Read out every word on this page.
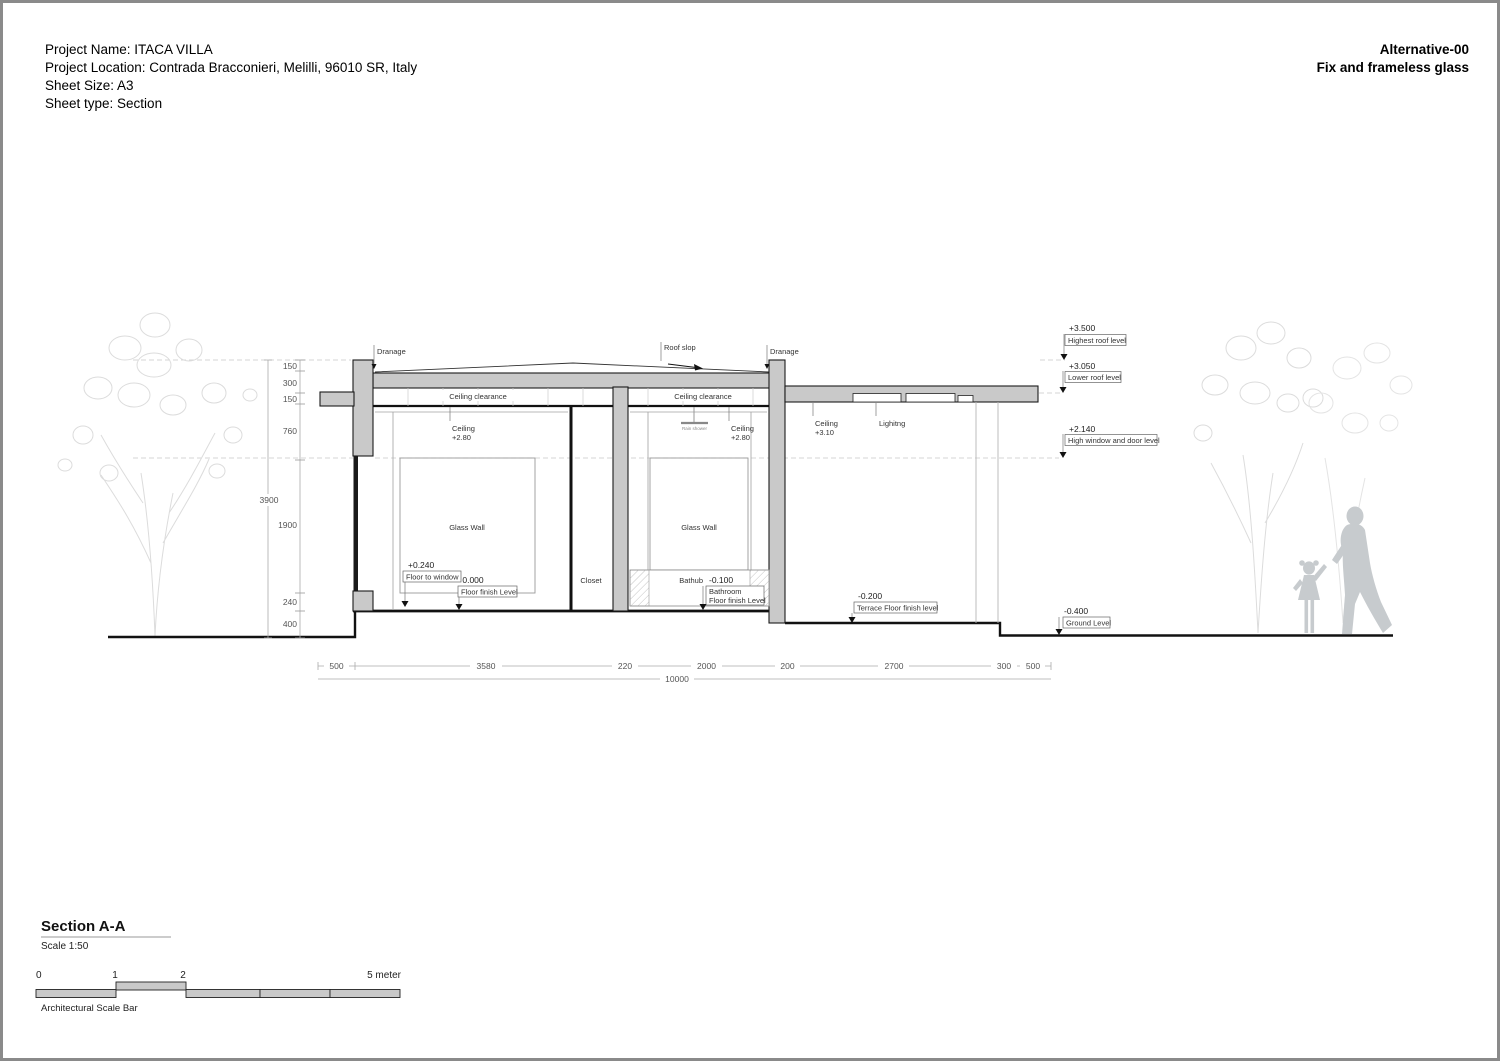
Project Name: ITACA VILLA
Project Location: Contrada Bracconieri, Melilli, 96010 SR, Italy
Sheet Size: A3
Sheet type: Section
Alternative-00
Fix and frameless glass
Dranage	Roof slop	Dranage
Ceiling clearance	Ceiling clearance
Ceiling
+2.80
Ceiling
+2.80
Rain shower
Glass Wall	Glass Wall
Closet
+0.240
Floor to window 0.000
Floor finish Level
Bathub -0.100
Bathroom
Floor finish Level
Ceiling
+3.10
Lighitng
-0.200
Terrace Floor finish level
+3.500
Highest roof level
+3.050
Lower roof level
+2.140
High window and door level
-0.400
Ground Level
3900
150
300
150
760
1900
240
400
500	3580	220	2000	200	2700	300 500
10000
Section A-A
Scale 1:50
0	1	2	5 meter
Architectural Scale Bar
